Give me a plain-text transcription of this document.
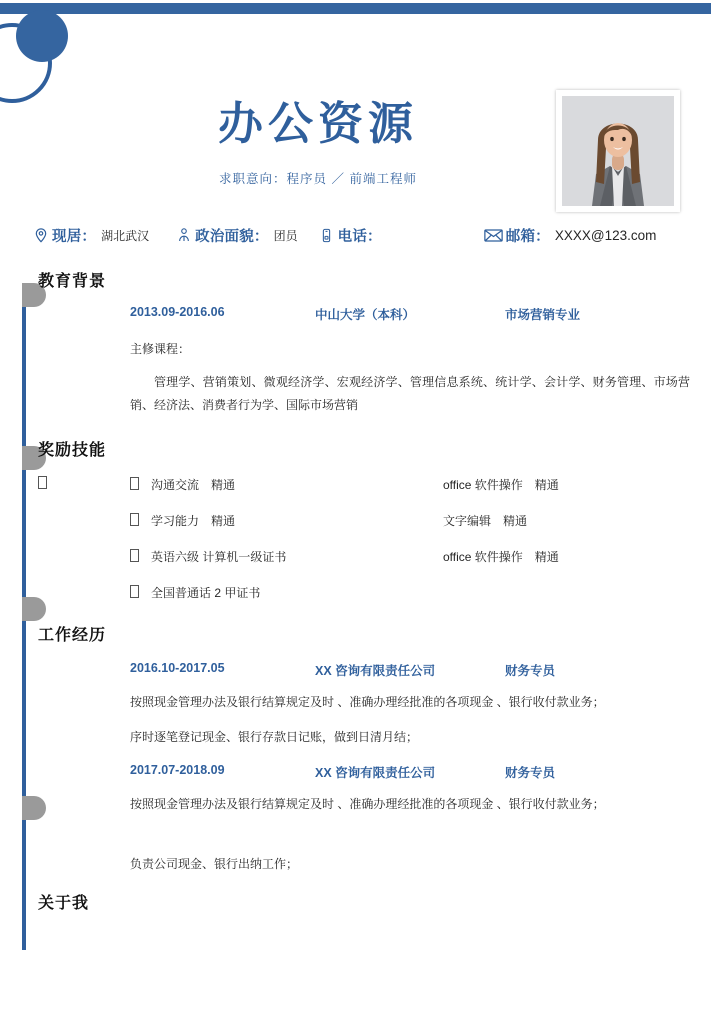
办公资源
求职意向：程序员 ／ 前端工程师
现居： 湖北武汉	政治面貌： 团员	电话：	邮箱： XXXX@123.com
教育背景
2013.09-2016.06	中山大学（本科）	市场营销专业
主修课程：
管理学、营销策划、微观经济学、宏观经济学、管理信息系统、统计学、会计学、财务管理、市场营销、经济法、消费者行为学、国际市场营销
奖励技能
沟通交流　精通	office 软件操作　精通
学习能力　精通	文字编辑　精通
英语六级 计算机一级证书	office 软件操作　精通
全国普通话 2 甲证书
工作经历
2016.10-2017.05	XX 咨询有限责任公司	财务专员
按照现金管理办法及银行结算规定及时 、准确办理经批准的各项现金 、银行收付款业务；
序时逐笔登记现金、银行存款日记账，做到日清月结；
2017.07-2018.09	XX 咨询有限责任公司	财务专员
按照现金管理办法及银行结算规定及时 、准确办理经批准的各项现金 、银行收付款业务；
负责公司现金、银行出纳工作；
关于我
